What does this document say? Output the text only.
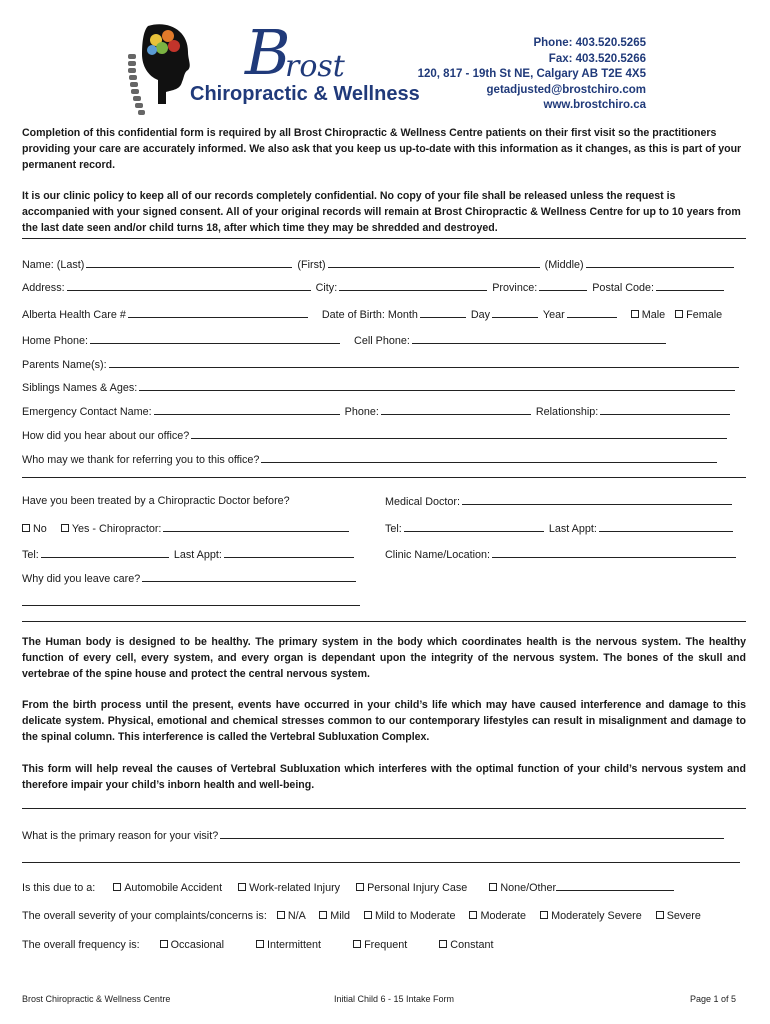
B
rost
Chiropractic & Wellness
Phone: 403.520.5265
Fax: 403.520.5266
120, 817 - 19th St NE, Calgary AB T2E 4X5
getadjusted@brostchiro.com
www.brostchiro.ca
Completion of this confidential form is required by all Brost Chiropractic & Wellness Centre patients on their first visit so the practitioners providing your care are accurately informed. We also ask that you keep us up-to-date with this information as it changes, as this is part of your permanent record.
It is our clinic policy to keep all of our records completely confidential. No copy of your file shall be released unless the request is accompanied with your signed consent. All of your original records will remain at Brost Chiropractic & Wellness Centre for up to 10 years from the last date seen and/or child turns 18, after which time they may be shredded and destroyed.
Name: (Last)	(First)	(Middle)
Address:	City:	Province:	Postal Code:
Alberta Health Care #	Date of Birth: Month	Day	Year	Male Female
Home Phone:	Cell Phone:
Parents Name(s):
Siblings Names & Ages:
Emergency Contact Name:	Phone:	Relationship:
How did you hear about our office?
Who may we thank for referring you to this office?
Have you been treated by a Chiropractic Doctor before?	Medical Doctor:
No Yes - Chiropractor:	Tel:	Last Appt:
Tel:	Last Appt:	Clinic Name/Location:
Why did you leave care?
The Human body is designed to be healthy. The primary system in the body which coordinates health is the nervous system. The healthy function of every cell, every system, and every organ is dependant upon the integrity of the nervous system. The bones of the skull and vertebrae of the spine house and protect the central nervous system.
From the birth process until the present, events have occurred in your child’s life which may have caused interference and damage to this delicate system. Physical, emotional and chemical stresses common to our contemporary lifestyles can result in misalignment and damage to the spinal column. This interference is called the Vertebral Subluxation Complex.
This form will help reveal the causes of Vertebral Subluxation which interferes with the optimal function of your child’s nervous system and therefore impair your child’s inborn health and well-being.
What is the primary reason for your visit?
Is this due to a:	Automobile Accident	Work-related Injury	Personal Injury Case	None/Other
The overall severity of your complaints/concerns is: N/A Mild Mild to Moderate Moderate Moderately Severe Severe
The overall frequency is:	Occasional	Intermittent	Frequent	Constant
Brost Chiropractic & Wellness Centre	Initial Child 6 - 15 Intake Form	Page 1 of 5
